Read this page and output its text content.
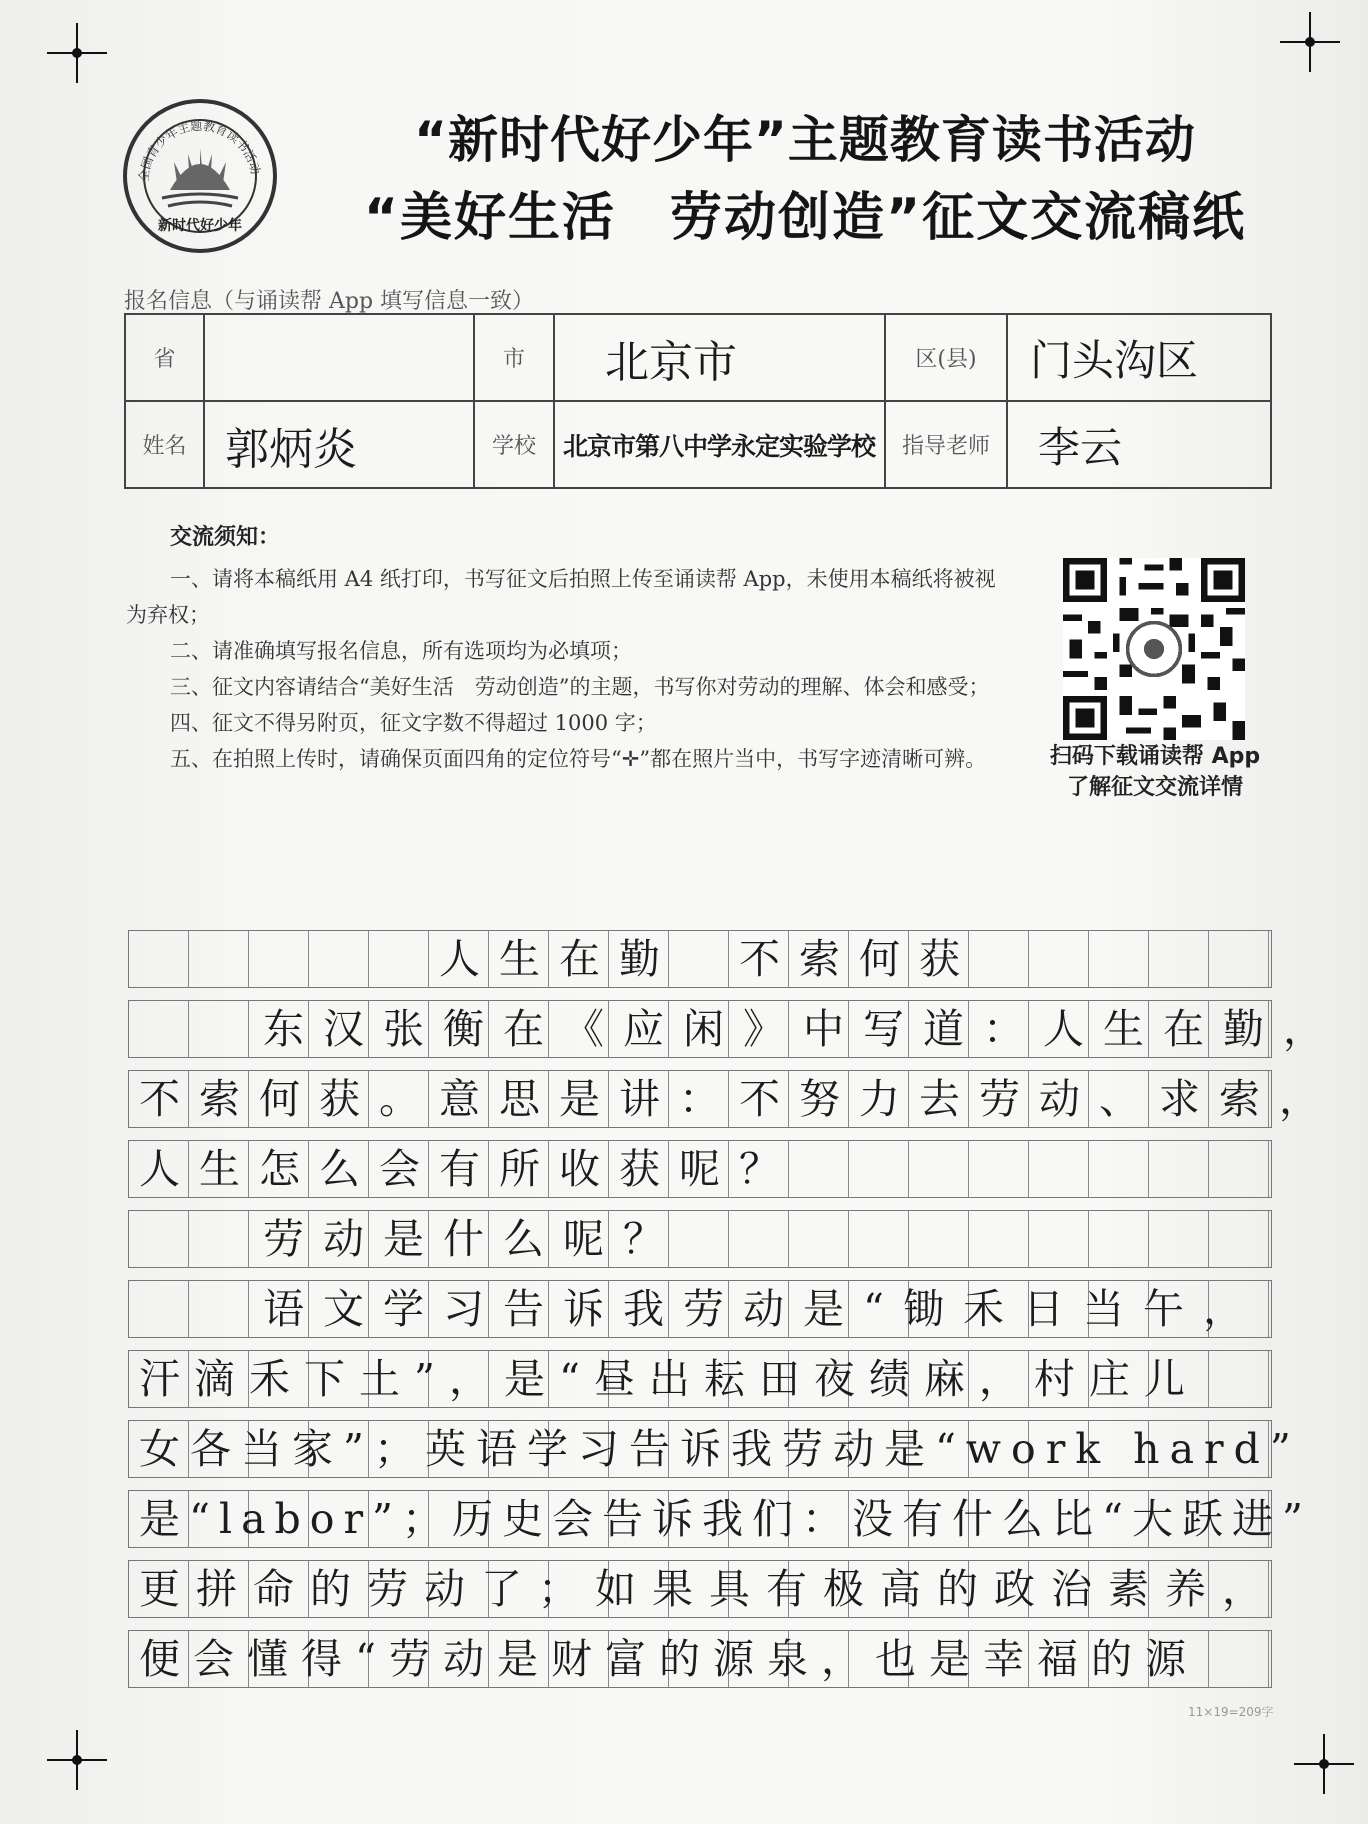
全国青少年主题教育读书活动
新时代好少年
“新时代好少年”主题教育读书活动
“美好生活　劳动创造”征文交流稿纸
报名信息（与诵读帮 App 填写信息一致）
省		市	北京市	区(县)	门头沟区
姓名	郭炳炎	学校	北京市第八中学永定实验学校	指导老师	李云
交流须知：

一、请将本稿纸用 A4 纸打印，书写征文后拍照上传至诵读帮 App，未使用本稿纸将被视为弃权；

二、请准确填写报名信息，所有选项均为必填项；

三、征文内容请结合“美好生活　劳动创造”的主题，书写你对劳动的理解、体会和感受；

四、征文不得另附页，征文字数不得超过 1000 字；

五、在拍照上传时，请确保页面四角的定位符号“✛”都在照片当中，书写字迹清晰可辨。	扫码下载诵读帮 App
了解征文交流详情
人生在勤　不索何获
东汉张衡在《应闲》中写道：人生在勤，
不索何获。意思是讲：不努力去劳动、求索，
人生怎么会有所收获呢？
劳动是什么呢？
语文学习告诉我劳动是“锄禾日当午，
汗滴禾下土”，是“昼出耘田夜绩麻，村庄儿
女各当家”；英语学习告诉我劳动是“work hard”
是“labor”；历史会告诉我们：没有什么比“大跃进”
更拼命的劳动了；如果具有极高的政治素养，
便会懂得“劳动是财富的源泉，也是幸福的源
11×19=209字
